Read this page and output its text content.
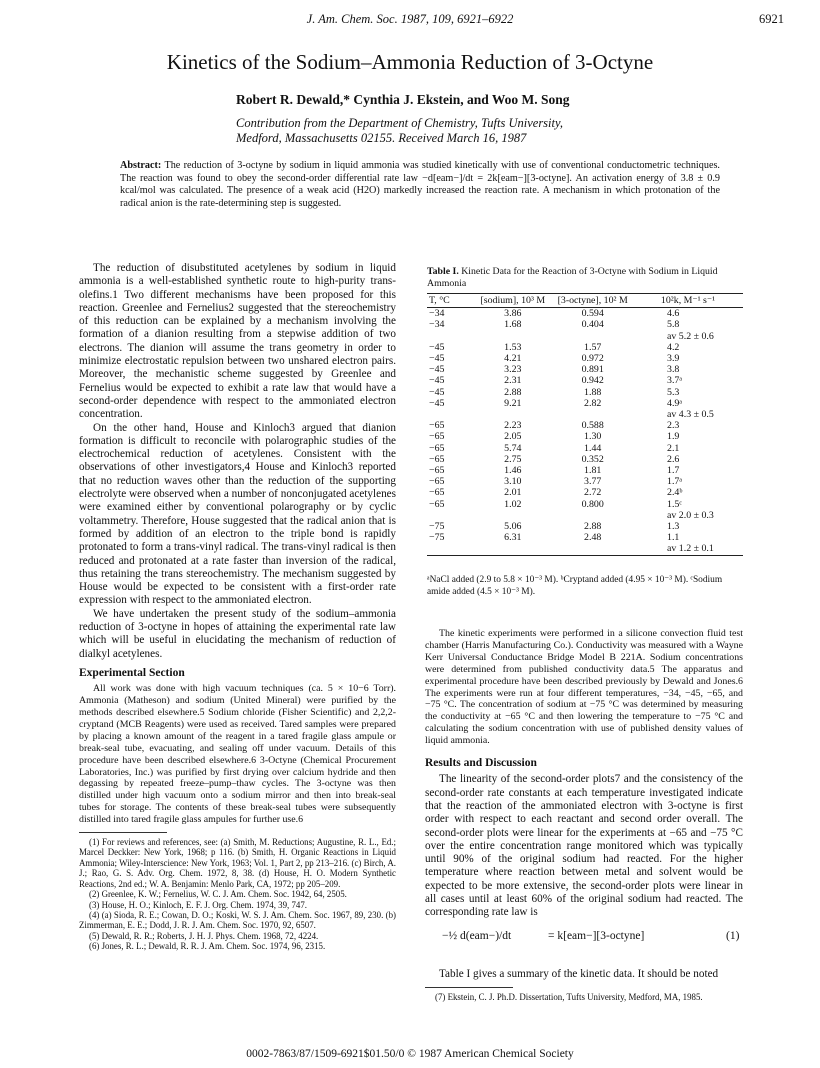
J. Am. Chem. Soc. 1987, 109, 6921–6922	6921
Kinetics of the Sodium–Ammonia Reduction of 3-Octyne
Robert R. Dewald,* Cynthia J. Ekstein, and Woo M. Song
Contribution from the Department of Chemistry, Tufts University,
Medford, Massachusetts 02155. Received March 16, 1987
Abstract: The reduction of 3-octyne by sodium in liquid ammonia was studied kinetically with use of conventional conductometric techniques. The reaction was found to obey the second-order differential rate law −d[eam−]/dt = 2k[eam−][3-octyne]. An activation energy of 3.8 ± 0.9 kcal/mol was calculated. The presence of a weak acid (H2O) markedly increased the reaction rate. A mechanism in which protonation of the radical anion is the rate-determining step is suggested.

The reduction of disubstituted acetylenes by sodium in liquid ammonia is a well-established synthetic route to high-purity trans-olefins.1 Two different mechanisms have been proposed for this reaction. Greenlee and Fernelius2 suggested that the stereochemistry of this reduction can be explained by a mechanism involving the formation of a dianion resulting from a stepwise addition of two electrons. The dianion will assume the trans geometry in order to minimize electrostatic repulsion between two unshared electron pairs. Moreover, the mechanistic scheme suggested by Greenlee and Fernelius would be expected to exhibit a rate law that would have a second-order dependence with respect to the ammoniated electron concentration.

On the other hand, House and Kinloch3 argued that dianion formation is difficult to reconcile with polarographic studies of the electrochemical reduction of acetylenes. Consistent with the observations of other investigators,4 House and Kinloch3 reported that no reduction waves other than the reduction of the supporting electrolyte were observed when a number of nonconjugated acetylenes were examined either by conventional polarography or by cyclic voltammetry. Therefore, House suggested that the radical anion that is formed by addition of an electron to the triple bond is rapidly protonated to form a trans-vinyl radical. The trans-vinyl radical is then reduced and protonated at a rate faster than inversion of the radical, thus retaining the trans stereochemistry. The mechanism suggested by House would be expected to be consistent with a first-order rate expression with respect to the ammoniated electron.

We have undertaken the present study of the sodium–ammonia reduction of 3-octyne in hopes of attaining the experimental rate law which will be useful in elucidating the mechanism of reduction of dialkyl acetylenes.

Experimental Section

All work was done with high vacuum techniques (ca. 5 × 10−6 Torr). Ammonia (Matheson) and sodium (United Mineral) were purified by the methods described elsewhere.5 Sodium chloride (Fisher Scientific) and 2,2,2-cryptand (MCB Reagents) were used as received. Tared samples were prepared by placing a known amount of the reagent in a tared fragile glass ampule or break-seal tube, evacuating, and sealing off under vacuum. Details of this procedure have been described elsewhere.6 3-Octyne (Chemical Procurement Laboratories, Inc.) was purified by first drying over calcium hydride and then degassing by repeated freeze–pump–thaw cycles. The 3-octyne was then distilled under high vacuum onto a sodium mirror and then into break-seal tubes for storage. The contents of these break-seal tubes were subsequently distilled into tared fragile glass ampules for further use.6

(1) For reviews and references, see: (a) Smith, M. Reductions; Augustine, R. L., Ed.; Marcel Deckker: New York, 1968; p 116. (b) Smith, H. Organic Reactions in Liquid Ammonia; Wiley-Interscience: New York, 1963; Vol. 1, Part 2, pp 213–216. (c) Birch, A. J.; Rao, G. S. Adv. Org. Chem. 1972, 8, 38. (d) House, H. O. Modern Synthetic Reactions, 2nd ed.; W. A. Benjamin: Menlo Park, CA, 1972; pp 205–209.

(2) Greenlee, K. W.; Fernelius, W. C. J. Am. Chem. Soc. 1942, 64, 2505.

(3) House, H. O.; Kinloch, E. F. J. Org. Chem. 1974, 39, 747.

(4) (a) Sioda, R. E.; Cowan, D. O.; Koski, W. S. J. Am. Chem. Soc. 1967, 89, 230. (b) Zimmerman, E. E.; Dodd, J. R. J. Am. Chem. Soc. 1970, 92, 6507.

(5) Dewald, R. R.; Roberts, J. H. J. Phys. Chem. 1968, 72, 4224.

(6) Jones, R. L.; Dewald, R. R. J. Am. Chem. Soc. 1974, 96, 2315.

Table I. Kinetic Data for the Reaction of 3-Octyne with Sodium in Liquid Ammonia
T, °C	[sodium], 10³ M	[3-octyne], 10² M	10²k, M⁻¹ s⁻¹
−34	3.86	0.594	4.6
−34	1.68	0.404	5.8
			av 5.2 ± 0.6
−45	1.53	1.57	4.2
−45	4.21	0.972	3.9
−45	3.23	0.891	3.8
−45	2.31	0.942	3.7ᵃ
−45	2.88	1.88	5.3
−45	9.21	2.82	4.9ᵃ
			av 4.3 ± 0.5
−65	2.23	0.588	2.3
−65	2.05	1.30	1.9
−65	5.74	1.44	2.1
−65	2.75	0.352	2.6
−65	1.46	1.81	1.7
−65	3.10	3.77	1.7ᵃ
−65	2.01	2.72	2.4ᵇ
−65	1.02	0.800	1.5ᶜ
			av 2.0 ± 0.3
−75	5.06	2.88	1.3
−75	6.31	2.48	1.1
			av 1.2 ± 0.1
ᵃNaCl added (2.9 to 5.8 × 10⁻³ M). ᵇCryptand added (4.95 × 10⁻³ M). ᶜSodium amide added (4.5 × 10⁻³ M).

The kinetic experiments were performed in a silicone convection fluid test chamber (Harris Manufacturing Co.). Conductivity was measured with a Wayne Kerr Universal Conductance Bridge Model B 221A. Sodium concentrations were determined from published conductivity data.5 The apparatus and experimental procedure have been described previously by Dewald and Jones.6 The experiments were run at four different temperatures, −34, −45, −65, and −75 °C. The concentration of sodium at −75 °C was determined by measuring the conductivity at −65 °C and then lowering the temperature to −75 °C and calculating the sodium concentration with use of published density values of liquid ammonia.

Results and Discussion

The linearity of the second-order plots7 and the consistency of the second-order rate constants at each temperature investigated indicate that the reaction of the ammoniated electron with 3-octyne is first order with respect to each reactant and second order overall. The second-order plots were linear for the experiments at −65 and −75 °C over the entire concentration range monitored which was typically until 90% of the original sodium had reacted. For the higher temperature where reaction between metal and solvent would be expected to be more extensive, the second-order plots were linear in all cases until at least 60% of the original sodium had reacted. The corresponding rate law is

−½ d(eam−)/dt	= k[eam−][3-octyne]	(1)

Table I gives a summary of the kinetic data. It should be noted

(7) Ekstein, C. J. Ph.D. Dissertation, Tufts University, Medford, MA, 1985.

0002-7863/87/1509-6921$01.50/0 © 1987 American Chemical Society
